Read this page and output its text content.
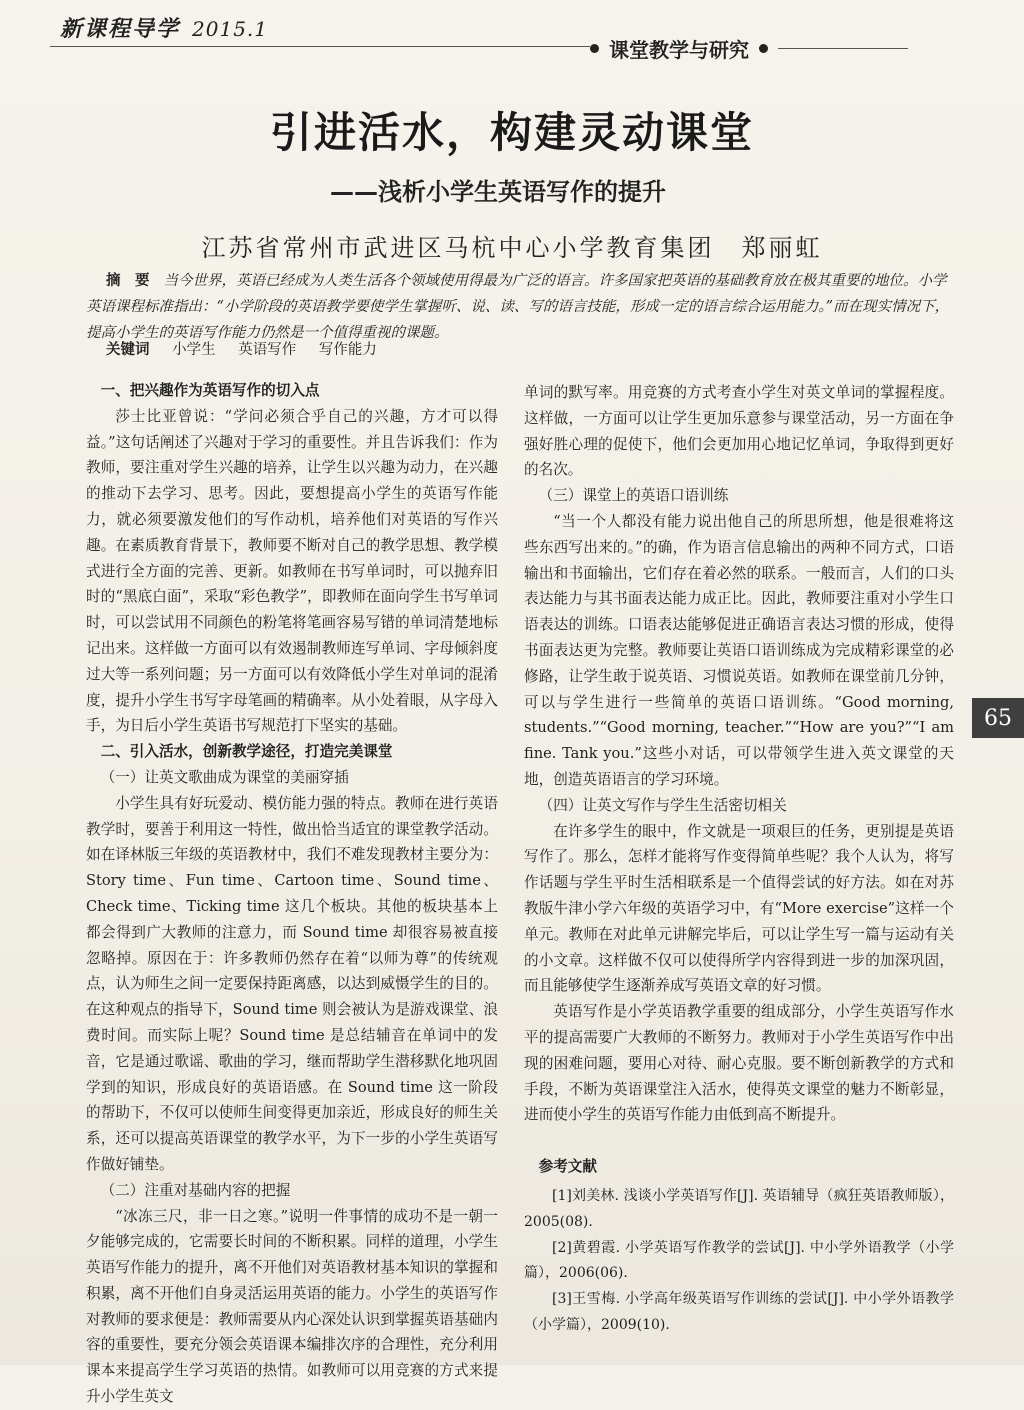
新课程导学 2015.1
课堂教学与研究
引进活水，构建灵动课堂
——浅析小学生英语写作的提升
江苏省常州市武进区马杭中心小学教育集团　郑丽虹
摘　要 当今世界，英语已经成为人类生活各个领域使用得最为广泛的语言。许多国家把英语的基础教育放在极其重要的地位。小学英语课程标准指出：“小学阶段的英语教学要使学生掌握听、说、读、写的语言技能，形成一定的语言综合运用能力。”而在现实情况下，提高小学生的英语写作能力仍然是一个值得重视的课题。
关键词 小学生 英语写作 写作能力
一、把兴趣作为英语写作的切入点

莎士比亚曾说：“学问必须合乎自己的兴趣，方才可以得益。”这句话阐述了兴趣对于学习的重要性。并且告诉我们：作为教师，要注重对学生兴趣的培养，让学生以兴趣为动力，在兴趣的推动下去学习、思考。因此，要想提高小学生的英语写作能力，就必须要激发他们的写作动机，培养他们对英语的写作兴趣。在素质教育背景下，教师要不断对自己的教学思想、教学模式进行全方面的完善、更新。如教师在书写单词时，可以抛弃旧时的“黑底白面”，采取“彩色教学”，即教师在面向学生书写单词时，可以尝试用不同颜色的粉笔将笔画容易写错的单词清楚地标记出来。这样做一方面可以有效遏制教师连写单词、字母倾斜度过大等一系列问题；另一方面可以有效降低小学生对单词的混淆度，提升小学生书写字母笔画的精确率。从小处着眼，从字母入手，为日后小学生英语书写规范打下坚实的基础。

二、引入活水，创新教学途径，打造完美课堂
（一）让英文歌曲成为课堂的美丽穿插

小学生具有好玩爱动、模仿能力强的特点。教师在进行英语教学时，要善于利用这一特性，做出恰当适宜的课堂教学活动。如在译林版三年级的英语教材中，我们不难发现教材主要分为：Story time、Fun time、Cartoon time、Sound time、Check time、Ticking time 这几个板块。其他的板块基本上都会得到广大教师的注意力，而 Sound time 却很容易被直接忽略掉。原因在于：许多教师仍然存在着“以师为尊”的传统观点，认为师生之间一定要保持距离感，以达到威慑学生的目的。在这种观点的指导下，Sound time 则会被认为是游戏课堂、浪费时间。而实际上呢？Sound time 是总结辅音在单词中的发音，它是通过歌谣、歌曲的学习，继而帮助学生潜移默化地巩固学到的知识，形成良好的英语语感。在 Sound time 这一阶段的帮助下，不仅可以使师生间变得更加亲近，形成良好的师生关系，还可以提高英语课堂的教学水平，为下一步的小学生英语写作做好铺垫。

（二）注重对基础内容的把握

“冰冻三尺，非一日之寒。”说明一件事情的成功不是一朝一夕能够完成的，它需要长时间的不断积累。同样的道理，小学生英语写作能力的提升，离不开他们对英语教材基本知识的掌握和积累，离不开他们自身灵活运用英语的能力。小学生的英语写作对教师的要求便是：教师需要从内心深处认识到掌握英语基础内容的重要性，要充分领会英语课本编排次序的合理性，充分利用课本来提高学生学习英语的热情。如教师可以用竞赛的方式来提升小学生英文

单词的默写率。用竞赛的方式考查小学生对英文单词的掌握程度。这样做，一方面可以让学生更加乐意参与课堂活动，另一方面在争强好胜心理的促使下，他们会更加用心地记忆单词，争取得到更好的名次。

（三）课堂上的英语口语训练

“当一个人都没有能力说出他自己的所思所想，他是很难将这些东西写出来的。”的确，作为语言信息输出的两种不同方式，口语输出和书面输出，它们存在着必然的联系。一般而言，人们的口头表达能力与其书面表达能力成正比。因此，教师要注重对小学生口语表达的训练。口语表达能够促进正确语言表达习惯的形成，使得书面表达更为完整。教师要让英语口语训练成为完成精彩课堂的必修路，让学生敢于说英语、习惯说英语。如教师在课堂前几分钟，可以与学生进行一些简单的英语口语训练。“Good morning, students.”“Good morning, teacher.”“How are you?”“I am fine. Tank you.”这些小对话，可以带领学生进入英文课堂的天地，创造英语语言的学习环境。

（四）让英文写作与学生生活密切相关

在许多学生的眼中，作文就是一项艰巨的任务，更别提是英语写作了。那么，怎样才能将写作变得简单些呢？我个人认为，将写作话题与学生平时生活相联系是一个值得尝试的好方法。如在对苏教版牛津小学六年级的英语学习中，有“More exercise”这样一个单元。教师在对此单元讲解完毕后，可以让学生写一篇与运动有关的小文章。这样做不仅可以使得所学内容得到进一步的加深巩固，而且能够使学生逐渐养成写英语文章的好习惯。

英语写作是小学英语教学重要的组成部分，小学生英语写作水平的提高需要广大教师的不断努力。教师对于小学生英语写作中出现的困难问题，要用心对待、耐心克服。要不断创新教学的方式和手段，不断为英语课堂注入活水，使得英文课堂的魅力不断彰显，进而使小学生的英语写作能力由低到高不断提升。

参考文献

[1]刘美林. 浅谈小学英语写作[J]. 英语辅导（疯狂英语教师版），2005(08).

[2]黄碧霞. 小学英语写作教学的尝试[J]. 中小学外语教学（小学篇），2006(06).

[3]王雪梅. 小学高年级英语写作训练的尝试[J]. 中小学外语教学（小学篇），2009(10).

65
